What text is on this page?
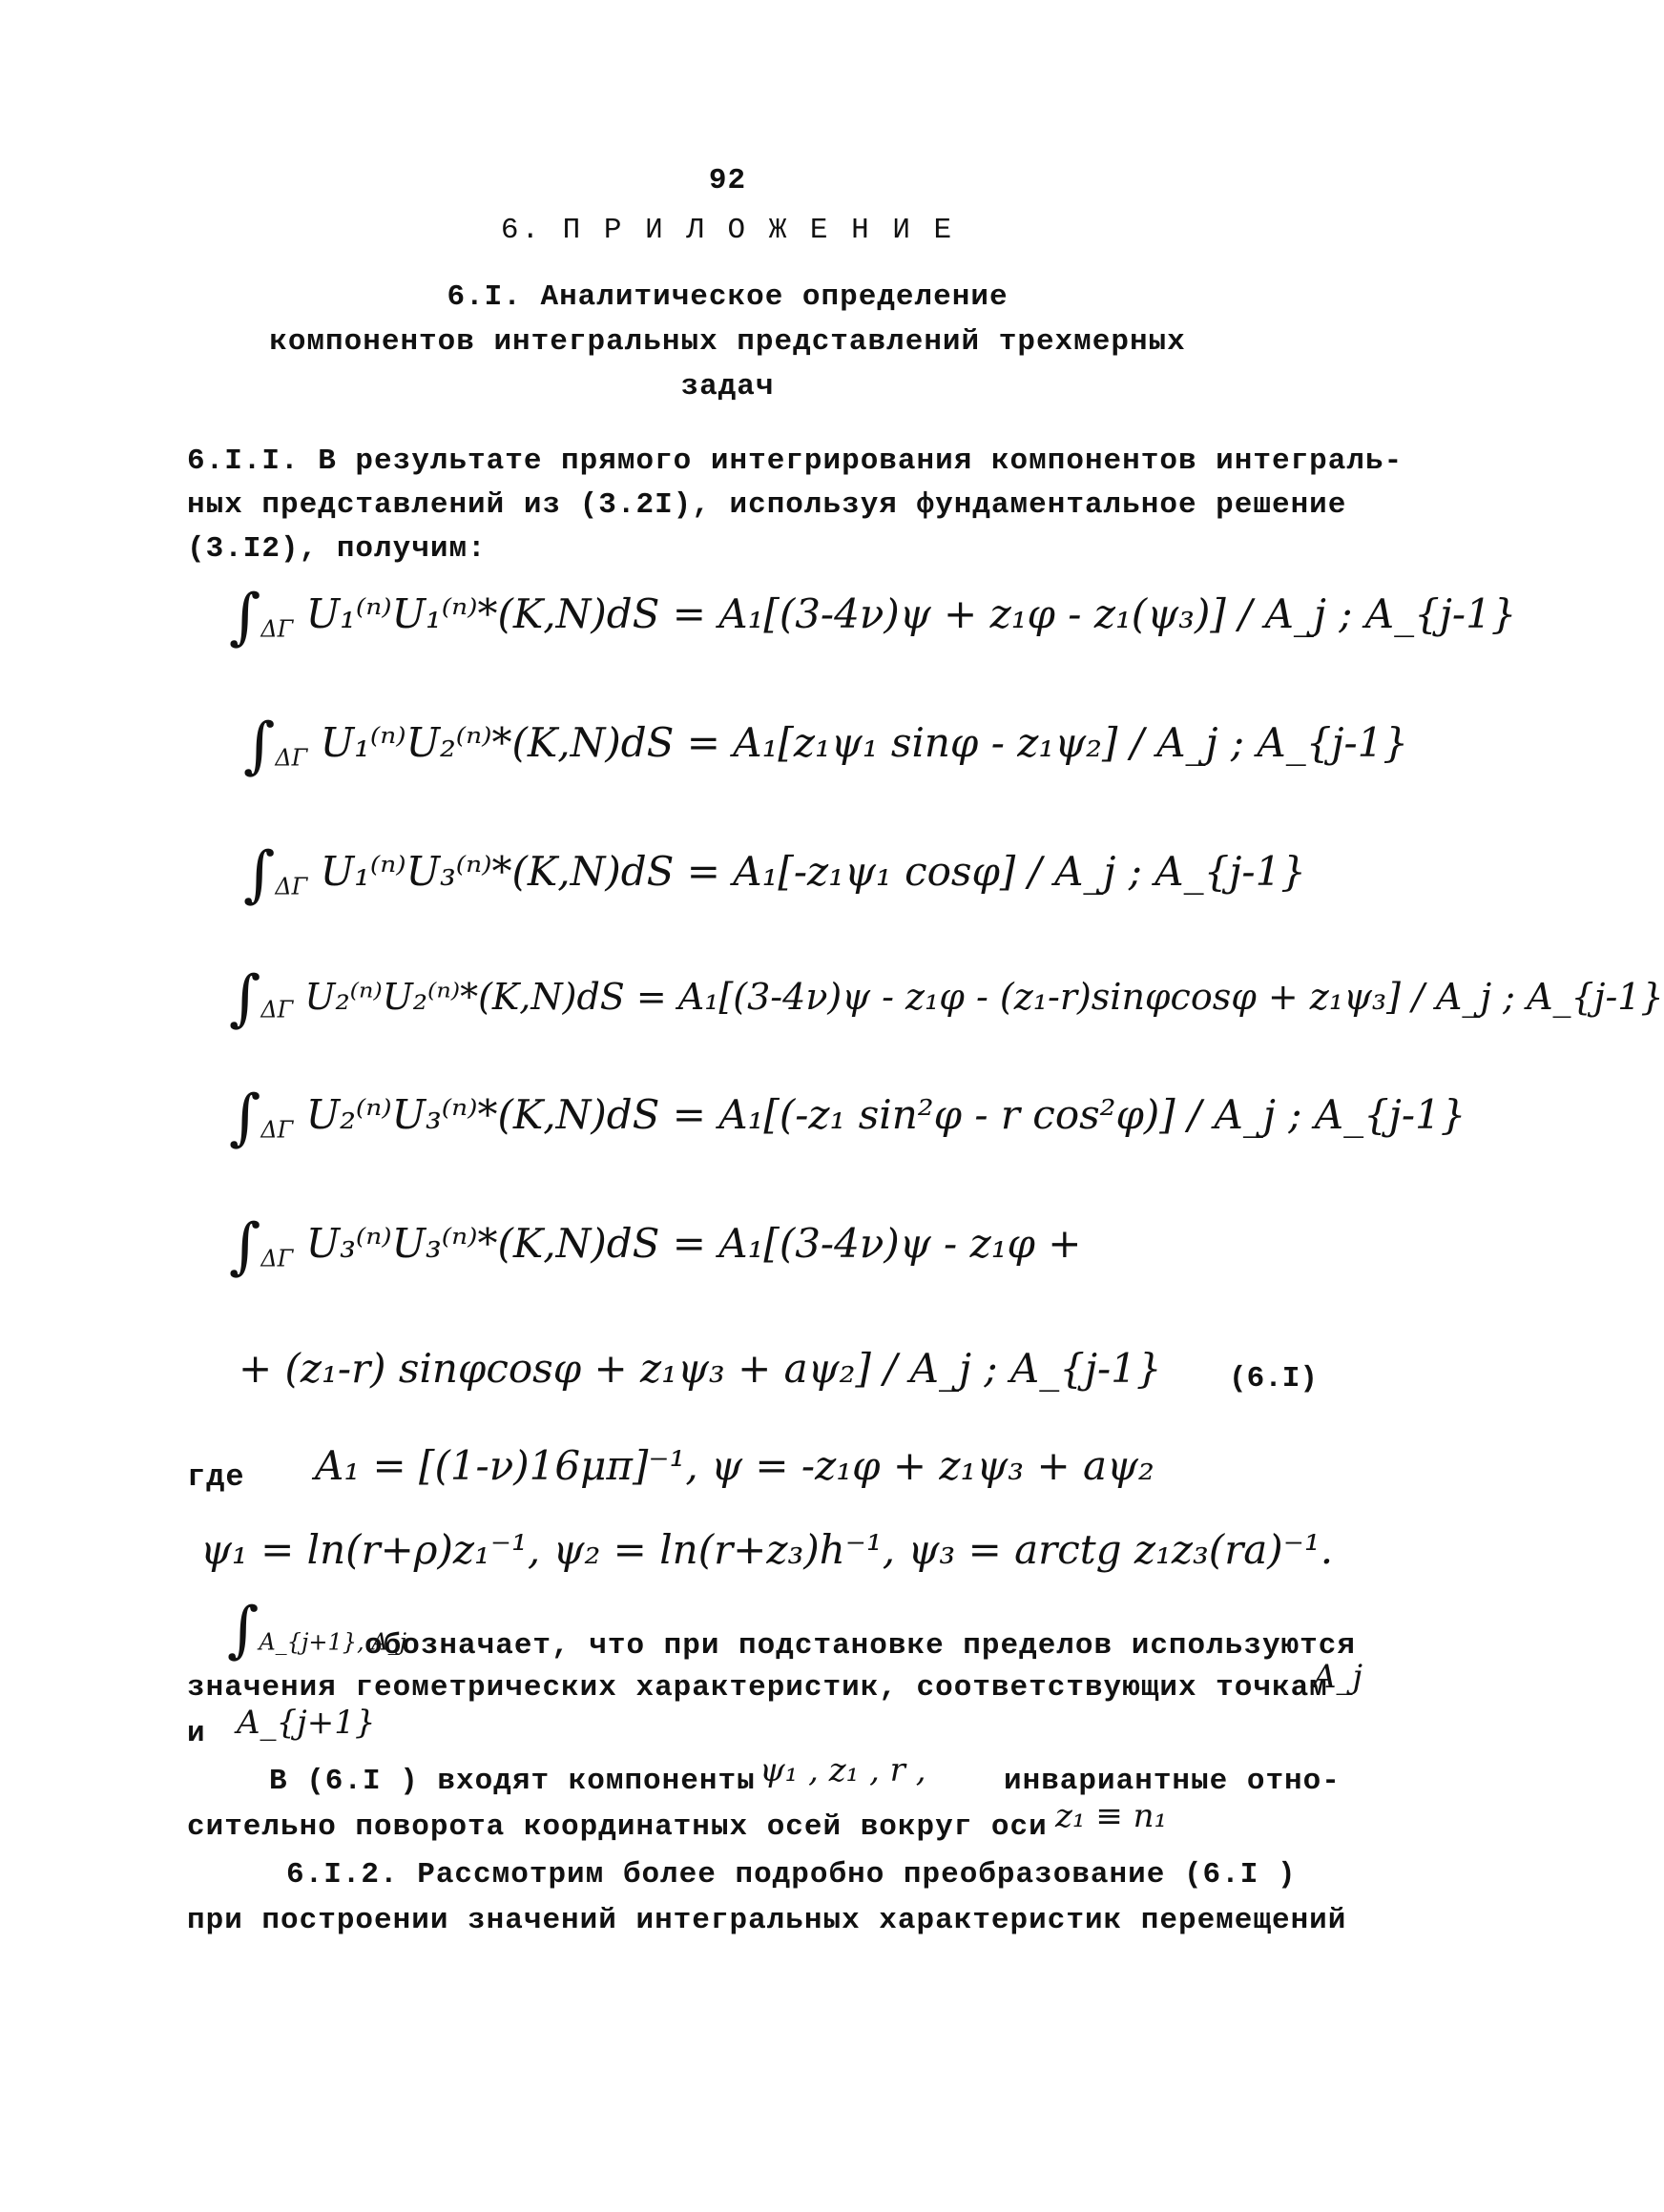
92
6. П Р И Л О Ж Е Н И Е
6.I. Аналитическое определение
компонентов интегральных представлений трехмерных
задач
6.I.I. В результате прямого интегрирования компонентов интеграль-
ных представлений из (3.2I), используя фундаментальное решение
(3.I2), получим:
$\int_{\Delta\Gamma}$ U₁⁽ⁿ⁾U₁⁽ⁿ⁾*(K,N)dS = A₁[(3-4ν)ψ + z₁φ - z₁(ψ₃)] / A_j ; A_{j-1}
$\int_{\Delta\Gamma}$ U₁⁽ⁿ⁾U₂⁽ⁿ⁾*(K,N)dS = A₁[z₁ψ₁ sinφ - z₁ψ₂] / A_j ; A_{j-1}
$\int_{\Delta\Gamma}$ U₁⁽ⁿ⁾U₃⁽ⁿ⁾*(K,N)dS = A₁[-z₁ψ₁ cosφ] / A_j ; A_{j-1}
$\int_{\Delta\Gamma}$ U₂⁽ⁿ⁾U₂⁽ⁿ⁾*(K,N)dS = A₁[(3-4ν)ψ - z₁φ - (z₁-r)sinφcosφ + z₁ψ₃] / A_j ; A_{j-1}
$\int_{\Delta\Gamma}$ U₂⁽ⁿ⁾U₃⁽ⁿ⁾*(K,N)dS = A₁[(-z₁ sin²φ - r cos²φ)] / A_j ; A_{j-1}
$\int_{\Delta\Gamma}$ U₃⁽ⁿ⁾U₃⁽ⁿ⁾*(K,N)dS = A₁[(3-4ν)ψ - z₁φ +
+ (z₁-r) sinφcosφ + z₁ψ₃ + aψ₂] / A_j ; A_{j-1} (6.I)
где A₁ = [(1-ν)16μπ]⁻¹, ψ = -z₁φ + z₁ψ₃ + aψ₂
ψ₁ = ln(r+ρ)z₁⁻¹, ψ₂ = ln(r+z₃)h⁻¹, ψ₃ = arctg z₁z₃(ra)⁻¹.
$\int_{A\_\{j+1\}, A\_j}$
обозначает, что при подстановке пределов используются
значения геометрических характеристик, соответствующих точкам
A_j
и A_{j+1}
В (6.I ) входят компоненты ψ₁ , z₁ , r ,	инвариантные отно-
сительно поворота координатных осей вокруг оси z₁ ≡ n₁
6.I.2. Рассмотрим более подробно преобразование (6.I )
при построении значений интегральных характеристик перемещений
